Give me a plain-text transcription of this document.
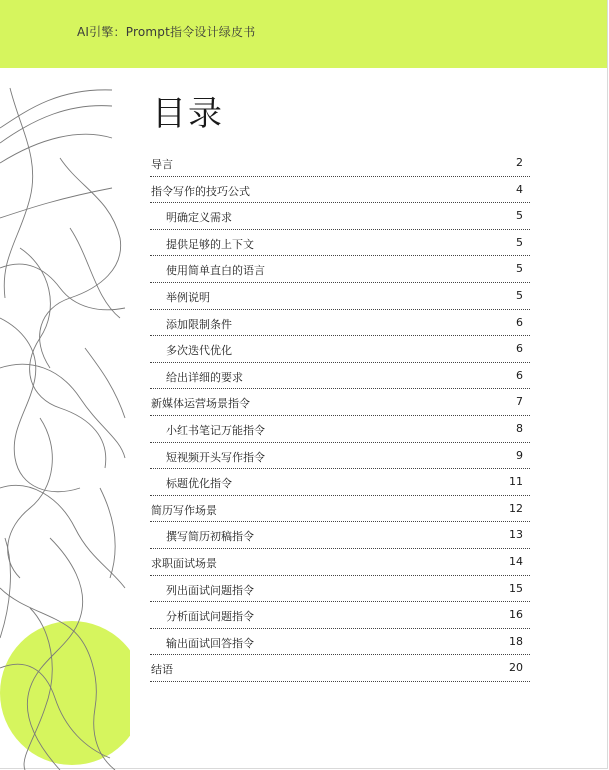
AI引擎：Prompt指令设计绿皮书
目录
导言	2
指令写作的技巧公式	4
明确定义需求	5
提供足够的上下文	5
使用简单直白的语言	5
举例说明	5
添加限制条件	6
多次迭代优化	6
给出详细的要求	6
新媒体运营场景指令	7
小红书笔记万能指令	8
短视频开头写作指令	9
标题优化指令	11
简历写作场景	12
撰写简历初稿指令	13
求职面试场景	14
列出面试问题指令	15
分析面试问题指令	16
输出面试回答指令	18
结语	20
